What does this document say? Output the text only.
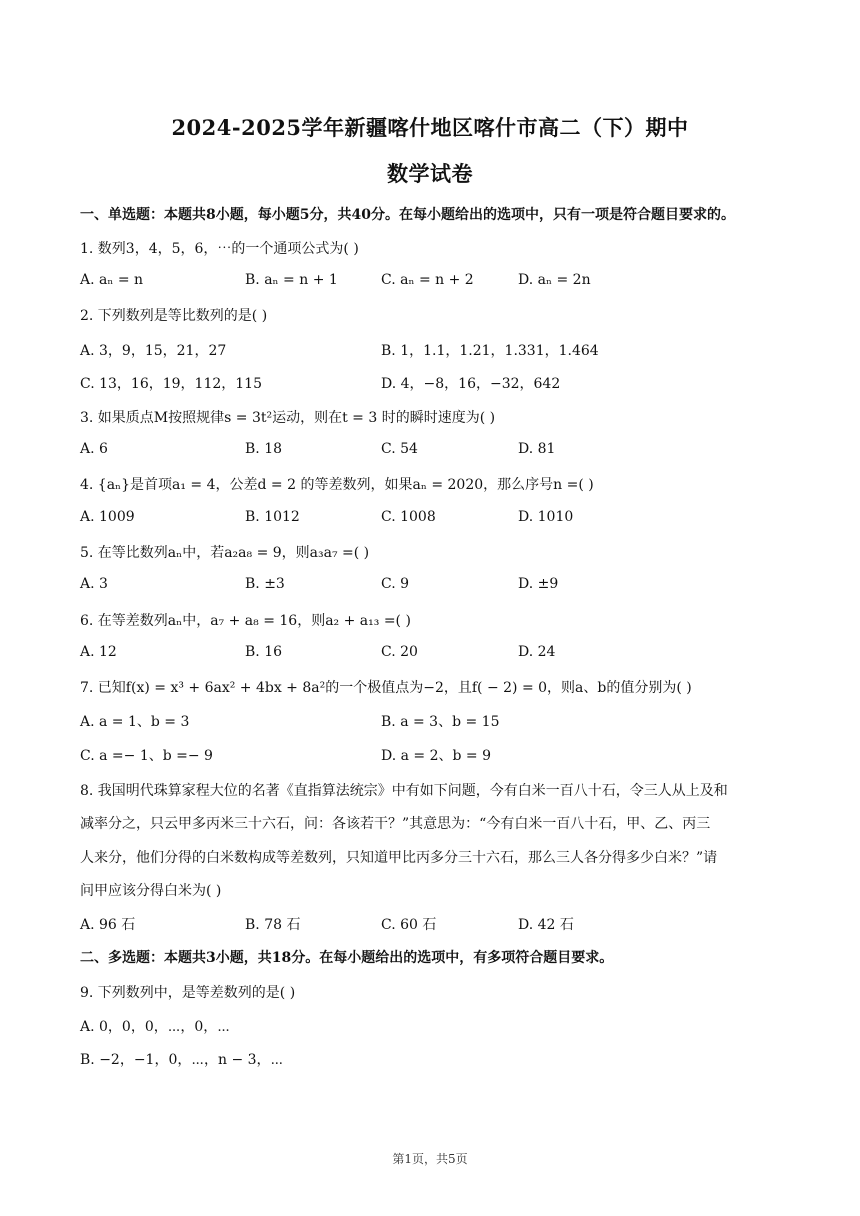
2024-2025学年新疆喀什地区喀什市高二（下）期中
数学试卷
一、单选题：本题共8小题，每小题5分，共40分。在每小题给出的选项中，只有一项是符合题目要求的。
1. 数列3，4，5，6，⋯的一个通项公式为( )
A. aₙ = n	B. aₙ = n + 1	C. aₙ = n + 2	D. aₙ = 2n
2. 下列数列是等比数列的是( )
A. 3，9，15，21，27	B. 1，1.1，1.21，1.331，1.464
C. 13，16，19，112，115	D. 4，−8，16，−32，642
3. 如果质点M按照规律s = 3t²运动，则在t = 3 时的瞬时速度为( )
A. 6	B. 18	C. 54	D. 81
4. {aₙ}是首项a₁ = 4，公差d = 2 的等差数列，如果aₙ = 2020，那么序号n =( )
A. 1009	B. 1012	C. 1008	D. 1010
5. 在等比数列aₙ中，若a₂a₈ = 9，则a₃a₇ =( )
A. 3	B. ±3	C. 9	D. ±9
6. 在等差数列aₙ中，a₇ + a₈ = 16，则a₂ + a₁₃ =( )
A. 12	B. 16	C. 20	D. 24
7. 已知f(x) = x³ + 6ax² + 4bx + 8a²的一个极值点为−2，且f( − 2) = 0，则a、b的值分别为( )
A. a = 1、b = 3	B. a = 3、b = 15
C. a =− 1、b =− 9	D. a = 2、b = 9
8. 我国明代珠算家程大位的名著《直指算法统宗》中有如下问题，今有白米一百八十石，令三人从上及和
减率分之，只云甲多丙米三十六石，问：各该若干？”其意思为：“今有白米一百八十石，甲、乙、丙三
人来分，他们分得的白米数构成等差数列，只知道甲比丙多分三十六石，那么三人各分得多少白米？”请
问甲应该分得白米为( )
A. 96 石	B. 78 石	C. 60 石	D. 42 石
二、多选题：本题共3小题，共18分。在每小题给出的选项中，有多项符合题目要求。
9. 下列数列中，是等差数列的是( )
A. 0，0，0，⋯，0，⋯
B. −2，−1，0，⋯，n − 3，⋯
第1页，共5页
